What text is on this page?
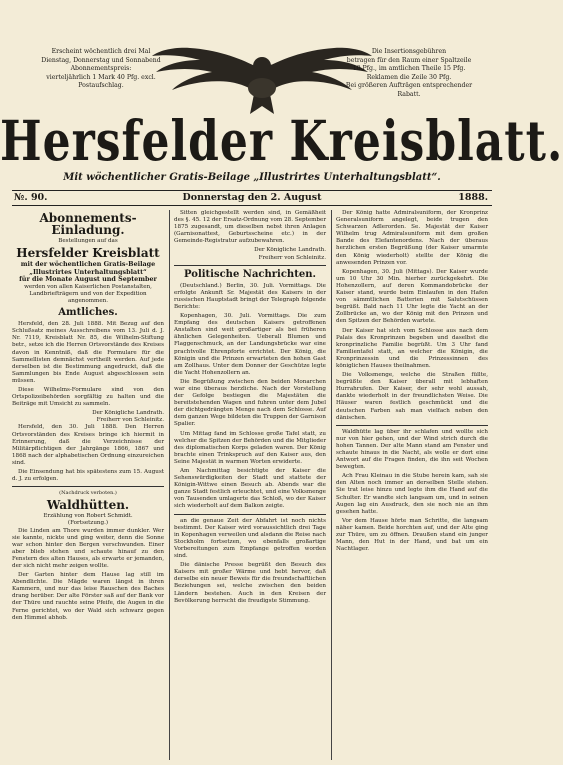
Erscheint wöchentlich drei Mal
Dienstag, Donnerstag und Sonnabend
Abonnementspreis:
vierteljährlich 1 Mark 40 Pfg. excl.
Postaufschlag.
Die Insertionsgebühren
betragen für den Raum einer Spaltzeile
10 Pfg., im amtlichen Theile 15 Pfg.
Reklamen die Zeile 30 Pfg.
Bei größeren Aufträgen entsprechender Rabatt.
Hersfelder Kreisblatt.
Mit wöchentlicher Gratis-Beilage „Illustrirtes Unterhaltungsblatt“.
№. 90.	Donnerstag den 2. August	1888.
Abonnements-Einladung.
Bestellungen auf das
Hersfelder Kreisblatt
mit der wöchentlichen Gratis-Beilage
„Illustrirtes Unterhaltungsblatt“
für die Monate August und September
werden von allen Kaiserlichen Postanstalten, Landbriefträgern und von der Expedition angenommen.
Amtliches.

Hersfeld, den 28. Juli 1888. Mit Bezug auf den Schlußsatz meines Ausschreibens vom 13. Juli d. J. Nr. 7119, Kreisblatt Nr. 85, die Wilhelm-Stiftung betr., setze ich die Herren Ortsvorstände des Kreises davon in Kenntniß, daß die Formulare für die Sammellisten demnächst vertheilt werden. Auf jede derselben ist die Bestimmung angedruckt, daß die Sammlungen bis Ende August abgeschlossen sein müssen.

Diese Wilhelms-Formulare sind von den Ortspolizeibehörden sorgfältig zu halten und die Beiträge mit Umsicht zu sammeln.

Der Königliche Landrath.
Freiherr von Schleinitz.

Hersfeld, den 30. Juli 1888. Den Herren Ortsvorständen des Kreises bringe ich hiermit in Erinnerung, daß die Verzeichnisse der Militärpflichtigen der Jahrgänge 1866, 1867 und 1868 nach der alphabetischen Ordnung einzureichen sind.

Die Einsendung hat bis spätestens zum 15. August d. J. zu erfolgen.

(Nachdruck verboten.)
Waldhütten.
Erzählung von Robert Schmidt.
(Fortsetzung.)

Die Linden am Thore wurden immer dunkler. Wer sie kannte, nickte und ging weiter, denn die Sonne war schon hinter den Bergen verschwunden. Einer aber blieb stehen und schaute hinauf zu den Fenstern des alten Hauses, als erwarte er jemanden, der sich nicht mehr zeigen wollte.

Der Garten hinter dem Hause lag still im Abendlichte. Die Mägde waren längst in ihren Kammern, und nur das leise Rauschen des Baches drang herüber. Der alte Förster saß auf der Bank vor der Thüre und rauchte seine Pfeife, die Augen in die Ferne gerichtet, wo der Wald sich schwarz gegen den Himmel abhob.

Sitten gleichgestellt werden sind, in Gemäßheit des §. 45. 12 der Ersatz-Ordnung vom 28. September 1875 zugesandt, um dieselben nebst ihren Anlagen (Garnisonattest, Geburtsscheine etc.) in der Gemeinde-Registratur aufzubewahren.

Der Königliche Landrath.
Freiherr von Schleinitz.
Politische Nachrichten.

(Deutschland.) Berlin, 30. Juli. Vormittags. Die erfolgte Ankunft Sr. Majestät des Kaisers in der russischen Hauptstadt bringt der Telegraph folgende Berichte:

Kopenhagen, 30. Juli. Vormittags. Die zum Empfang des deutschen Kaisers getroffenen Anstalten sind weit großartiger als bei früheren ähnlichen Gelegenheiten. Ueberall Blumen und Flaggenschmuck, an der Landungsbrücke war eine prachtvolle Ehrenpforte errichtet. Der König, die Königin und die Prinzen erwarteten den hohen Gast am Zollhaus. Unter dem Donner der Geschütze legte die Yacht Hohenzollern an.

Die Begrüßung zwischen den beiden Monarchen war eine überaus herzliche. Nach der Vorstellung der Gefolge bestiegen die Majestäten die bereitstehenden Wagen und fuhren unter dem Jubel der dichtgedrängten Menge nach dem Schlosse. Auf dem ganzen Wege bildeten die Truppen der Garnison Spalier.

Um Mittag fand im Schlosse große Tafel statt, zu welcher die Spitzen der Behörden und die Mitglieder des diplomatischen Korps geladen waren. Der König brachte einen Trinkspruch auf den Kaiser aus, den Seine Majestät in warmen Worten erwiderte.

Am Nachmittag besichtigte der Kaiser die Sehenswürdigkeiten der Stadt und stattete der Königin-Wittwe einen Besuch ab. Abends war die ganze Stadt festlich erleuchtet, und eine Volksmenge von Tausenden umlagerte das Schloß, wo der Kaiser sich wiederholt auf dem Balkon zeigte.

an die genaue Zeit der Abfahrt ist noch nichts bestimmt. Der Kaiser wird voraussichtlich drei Tage in Kopenhagen verweilen und alsdann die Reise nach Stockholm fortsetzen, wo ebenfalls großartige Vorbereitungen zum Empfange getroffen worden sind.

Die dänische Presse begrüßt den Besuch des Kaisers mit großer Wärme und hebt hervor, daß derselbe ein neuer Beweis für die freundschaftlichen Beziehungen sei, welche zwischen den beiden Ländern bestehen. Auch in den Kreisen der Bevölkerung herrscht die freudigste Stimmung.

Der König hatte Admiralsuniform, der Kronprinz Generalsuniform angelegt, beide trugen den Schwarzen Adlerorden. Se. Majestät der Kaiser Wilhelm trug Admiralsuniform mit dem großen Bande des Elefantenordens. Nach der überaus herzlichen ersten Begrüßung (der Kaiser umarmte den König wiederholt) stellte der König die anwesenden Prinzen vor.

Kopenhagen, 30. Juli (Mittags). Der Kaiser wurde um 10 Uhr 30 Min. hierher zurückgekehrt. Die Hohenzollern, auf deren Kommandobrücke der Kaiser stand, wurde beim Einlaufen in den Hafen von sämmtlichen Batterien mit Salutschüssen begrüßt. Bald nach 11 Uhr legte die Yacht an der Zollbrücke an, wo der König mit den Prinzen und den Spitzen der Behörden wartete.

Der Kaiser hat sich vom Schlosse aus nach dem Palais des Kronprinzen begeben und daselbst die kronprinzliche Familie begrüßt. Um 3 Uhr fand Familientafel statt, an welcher die Königin, die Kronprinzessin und die Prinzessinnen des königlichen Hauses theilnahmen.

Die Volksmenge, welche die Straßen füllte, begrüßte den Kaiser überall mit lebhaften Hurrahrufen. Der Kaiser, der sehr wohl aussah, dankte wiederholt in der freundlichsten Weise. Die Häuser waren festlich geschmückt und die deutschen Farben sah man vielfach neben den dänischen.

Waldhütte lag über ihr schlafen und wollte sich nur von hier gehen, und der Wind strich durch die hohen Tannen. Der alte Mann stand am Fenster und schaute hinaus in die Nacht, als wolle er dort eine Antwort auf die Fragen finden, die ihn seit Wochen bewegten.

Ach Frau Kleinau in die Stube herein kam, sah sie den Alten noch immer an derselben Stelle stehen. Sie trat leise hinzu und legte ihm die Hand auf die Schulter. Er wandte sich langsam um, und in seinen Augen lag ein Ausdruck, den sie noch nie an ihm gesehen hatte.

Vor dem Hause hörte man Schritte, die langsam näher kamen. Beide horchten auf, und der Alte ging zur Thüre, um zu öffnen. Draußen stand ein junger Mann, den Hut in der Hand, und bat um ein Nachtlager.
